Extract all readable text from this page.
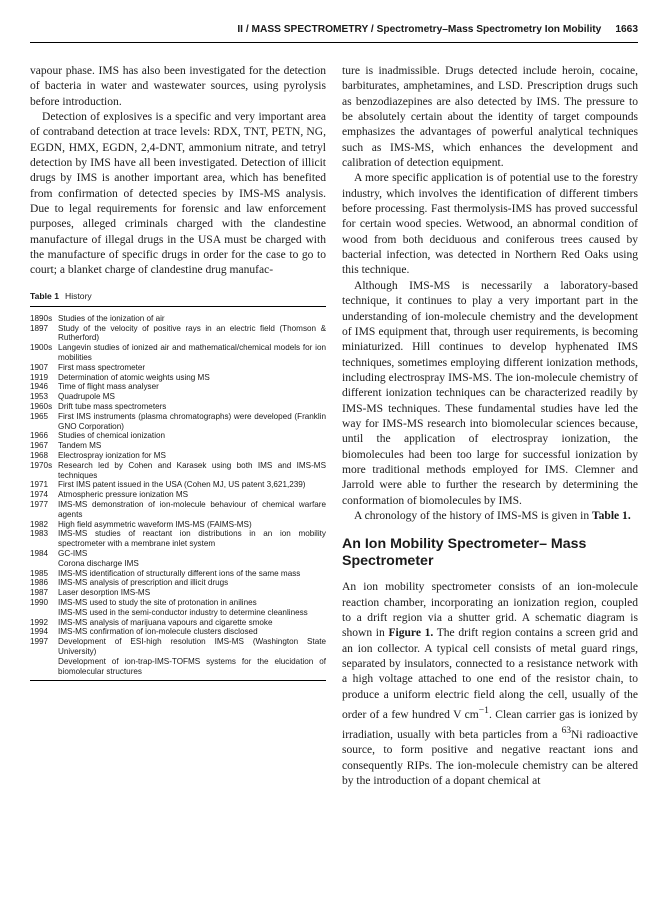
II / MASS SPECTROMETRY / Spectrometry–Mass Spectrometry Ion Mobility 1663

vapour phase. IMS has also been investigated for the detection of bacteria in water and wastewater sources, using pyrolysis before introduction.

Detection of explosives is a specific and very important area of contraband detection at trace levels: RDX, TNT, PETN, NG, EGDN, HMX, EGDN, 2,4-DNT, ammonium nitrate, and tetryl detection by IMS have all been investigated. Detection of illicit drugs by IMS is another important area, which has benefited from confirmation of detected species by IMS-MS analysis. Due to legal requirements for forensic and law enforcement purposes, alleged criminals charged with the clandestine manufacture of illegal drugs in the USA must be charged with the manufacture of specific drugs in order for the case to go to court; a blanket charge of clandestine drug manufac-

Table 1 History
1890s Studies of the ionization of air
1897	Study of the velocity of positive rays in an electric field (Thomson & Rutherford)
1900s Langevin studies of ionized air and mathematical/chemical models for ion mobilities
1907	First mass spectrometer
1919	Determination of atomic weights using MS
1946	Time of flight mass analyser
1953	Quadrupole MS
1960s Drift tube mass spectrometers
1965	First IMS instruments (plasma chromatographs) were developed (Franklin GNO Corporation)
1966	Studies of chemical ionization
1967	Tandem MS
1968	Electrospray ionization for MS
1970s Research led by Cohen and Karasek using both IMS and IMS-MS techniques
1971	First IMS patent issued in the USA (Cohen MJ, US patent 3,621,239)
1974	Atmospheric pressure ionization MS
1977	IMS-MS demonstration of ion-molecule behaviour of chemical warfare agents
1982	High field asymmetric waveform IMS-MS (FAIMS-MS)
1983	IMS-MS studies of reactant ion distributions in an ion mobility spectrometer with a membrane inlet system
1984	GC-IMS
Corona discharge IMS
1985	IMS-MS identification of structurally different ions of the same mass
1986	IMS-MS analysis of prescription and illicit drugs
1987	Laser desorption IMS-MS
1990	IMS-MS used to study the site of protonation in anilines
IMS-MS used in the semi-conductor industry to determine cleanliness
1992	IMS-MS analysis of marijuana vapours and cigarette smoke
1994	IMS-MS confirmation of ion-molecule clusters disclosed
1997	Development of ESI-high resolution IMS-MS (Washington State University)
Development of ion-trap-IMS-TOFMS systems for the elucidation of biomolecular structures

ture is inadmissible. Drugs detected include heroin, cocaine, barbiturates, amphetamines, and LSD. Prescription drugs such as benzodiazepines are also detected by IMS. The pressure to be absolutely certain about the identity of target compounds emphasizes the advantages of powerful analytical techniques such as IMS-MS, which enhances the development and calibration of detection equipment.

A more specific application is of potential use to the forestry industry, which involves the identification of different timbers before processing. Fast thermolysis-IMS has proved successful for certain wood species. Wetwood, an abnormal condition of wood from both deciduous and coniferous trees caused by bacterial infection, was detected in Northern Red Oaks using this technique.

Although IMS-MS is necessarily a laboratory-based technique, it continues to play a very important part in the understanding of ion-molecule chemistry and the development of IMS equipment that, through user requirements, is becoming miniaturized. Hill continues to develop hyphenated IMS techniques, sometimes employing different ionization methods, including electrospray IMS-MS. The ion-molecule chemistry of different ionization techniques can be characterized readily by IMS-MS techniques. These fundamental studies have led the way for IMS-MS research into biomolecular sciences because, until the application of electrospray ionization, the biomolecules had been too large for successful ionization by more traditional methods employed for IMS. Clemner and Jarrold were able to further the research by determining the conformation of biomolecules by IMS.

A chronology of the history of IMS-MS is given in Table 1.

An Ion Mobility Spectrometer– Mass Spectrometer

An ion mobility spectrometer consists of an ion-molecule reaction chamber, incorporating an ionization region, coupled to a drift region via a shutter grid. A schematic diagram is shown in Figure 1. The drift region contains a screen grid and an ion collector. A typical cell consists of metal guard rings, separated by insulators, connected to a resistance network with a high voltage attached to one end of the resistor chain, to produce a uniform electric field along the cell, usually of the order of a few hundred V $cm^{-1}$. Clean carrier gas is ionized by irradiation, usually with beta particles from a $^{63}$Ni radioactive source, to form positive and negative reactant ions and consequently RIPs. The ion-molecule chemistry can be altered by the introduction of a dopant chemical at
